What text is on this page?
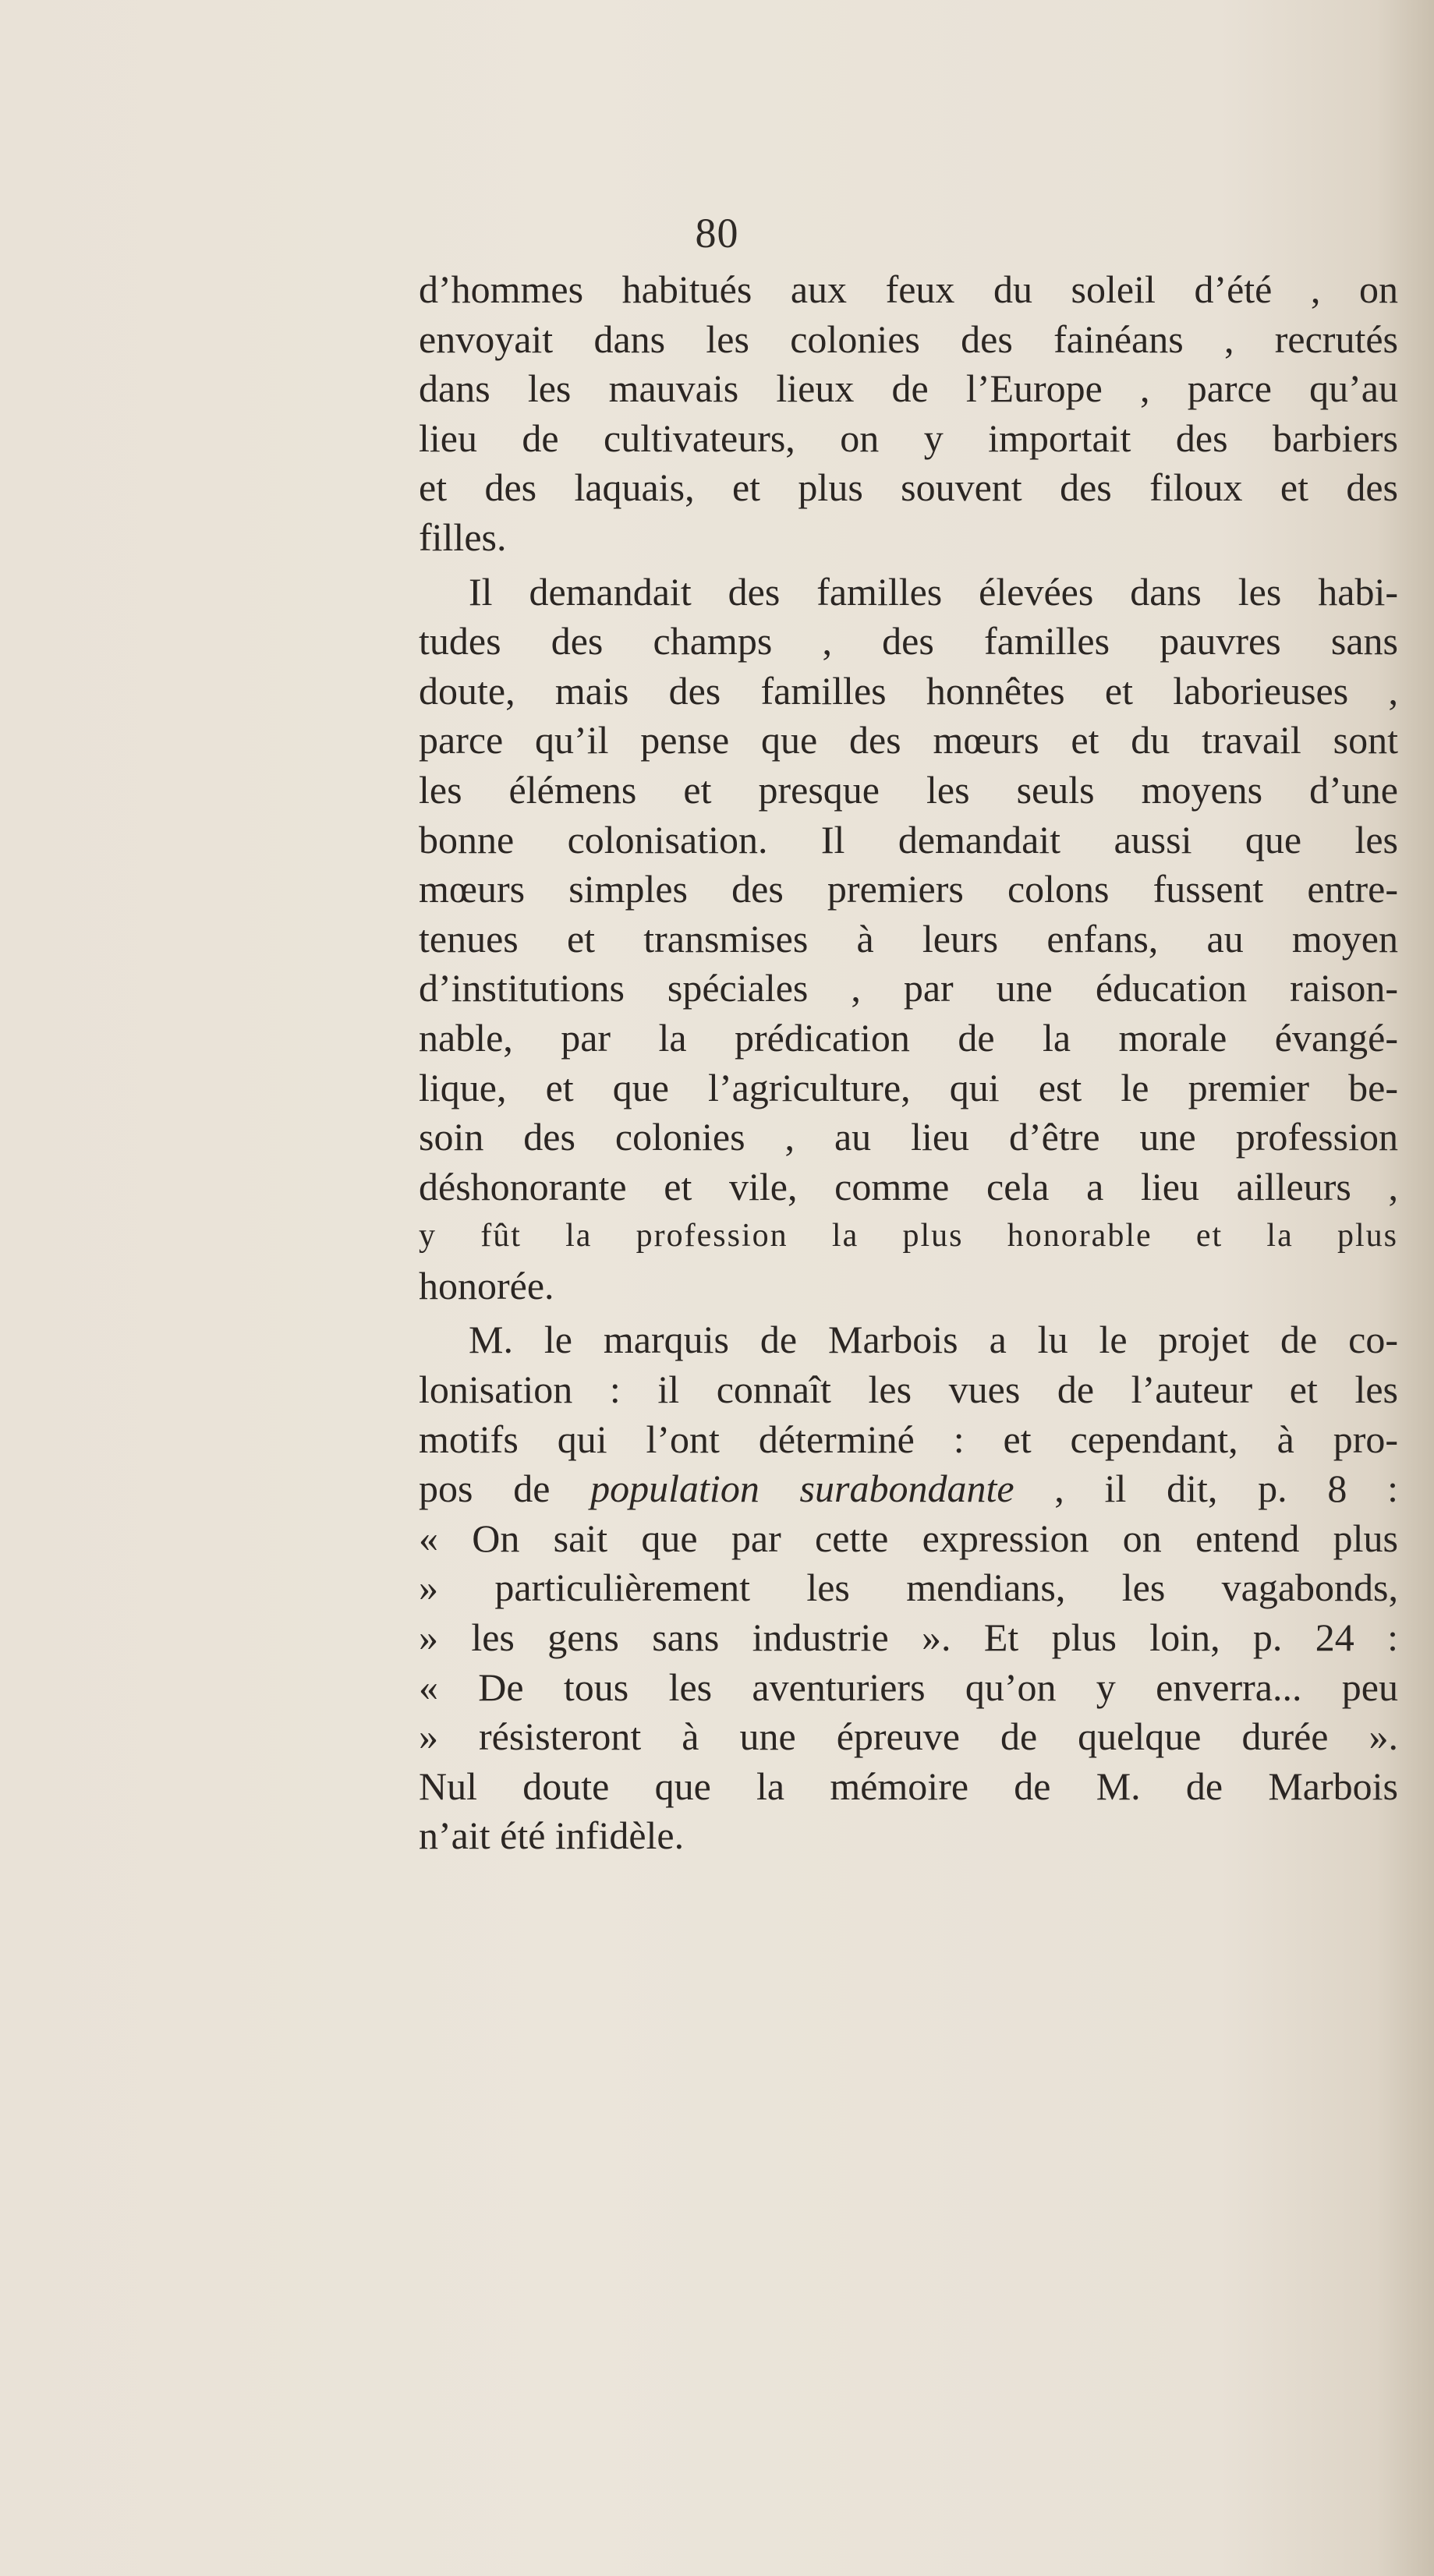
80
d’hommes habitués aux feux du soleil d’été , on
envoyait dans les colonies des fainéans , recrutés
dans les mauvais lieux de l’Europe , parce qu’au
lieu de cultivateurs, on y importait des barbiers
et des laquais, et plus souvent des filoux et des
filles.
Il demandait des familles élevées dans les habi-
tudes des champs , des familles pauvres sans
doute, mais des familles honnêtes et laborieuses ,
parce qu’il pense que des mœurs et du travail sont
les élémens et presque les seuls moyens d’une
bonne colonisation. Il demandait aussi que les
mœurs simples des premiers colons fussent entre-
tenues et transmises à leurs enfans, au moyen
d’institutions spéciales , par une éducation raison-
nable, par la prédication de la morale évangé-
lique, et que l’agriculture, qui est le premier be-
soin des colonies , au lieu d’être une profession
déshonorante et vile, comme cela a lieu ailleurs ,
y fût la profession la plus honorable et la plus
honorée.
M. le marquis de Marbois a lu le projet de co-
lonisation : il connaît les vues de l’auteur et les
motifs qui l’ont déterminé : et cependant, à pro-
pos de population surabondante , il dit, p. 8 :
« On sait que par cette expression on entend plus
» particulièrement les mendians, les vagabonds,
» les gens sans industrie ». Et plus loin, p. 24 :
« De tous les aventuriers qu’on y enverra... peu
» résisteront à une épreuve de quelque durée ».
Nul doute que la mémoire de M. de Marbois
n’ait été infidèle.
